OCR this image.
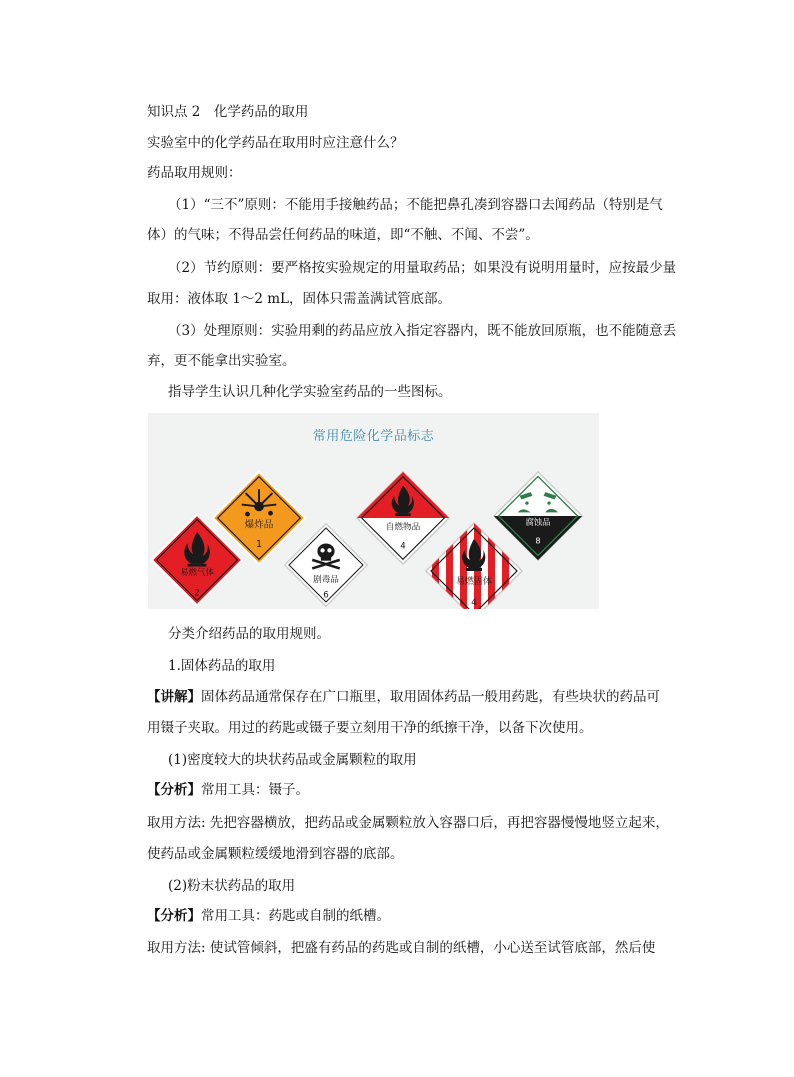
知识点 2　化学药品的取用
实验室中的化学药品在取用时应注意什么？
药品取用规则：
（1）“三不”原则：不能用手接触药品；不能把鼻孔凑到容器口去闻药品（特别是气
体）的气味；不得品尝任何药品的味道，即“不触、不闻、不尝”。
（2）节约原则：要严格按实验规定的用量取药品；如果没有说明用量时，应按最少量
取用：液体取 1～2 mL，固体只需盖满试管底部。
（3）处理原则：实验用剩的药品应放入指定容器内，既不能放回原瓶，也不能随意丢
弃，更不能拿出实验室。
指导学生认识几种化学实验室药品的一些图标。
常用危险化学品标志
易燃气体
2
爆炸品
1
剧毒品
6
自燃物品
4
易燃固体
4
腐蚀品
8
分类介绍药品的取用规则。
1.固体药品的取用
【讲解】固体药品通常保存在广口瓶里，取用固体药品一般用药匙，有些块状的药品可
用镊子夹取。用过的药匙或镊子要立刻用干净的纸擦干净，以备下次使用。
(1)密度较大的块状药品或金属颗粒的取用
【分析】常用工具：镊子。
取用方法: 先把容器横放，把药品或金属颗粒放入容器口后，再把容器慢慢地竖立起来，
使药品或金属颗粒缓缓地滑到容器的底部。
(2)粉末状药品的取用
【分析】常用工具：药匙或自制的纸槽。
取用方法: 使试管倾斜，把盛有药品的药匙或自制的纸槽，小心送至试管底部，然后使
